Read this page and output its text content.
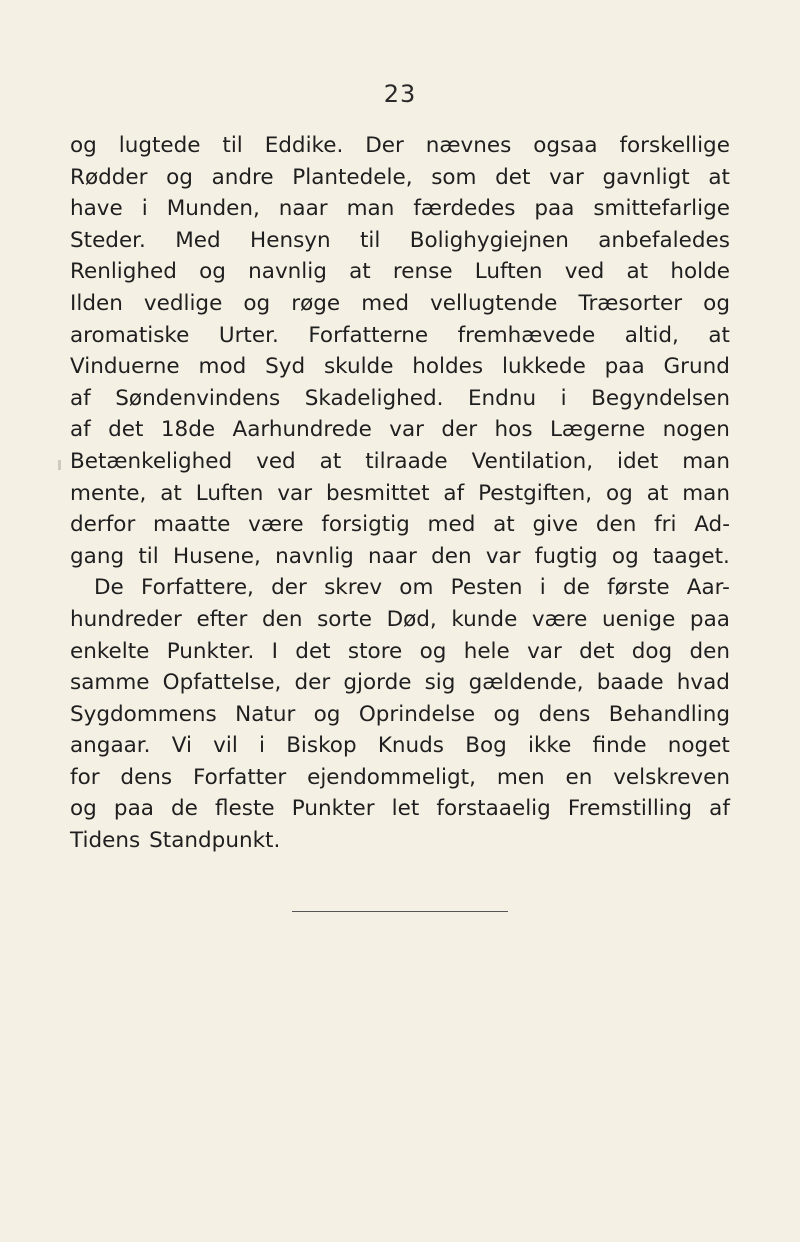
23
og lugtede til Eddike. Der nævnes ogsaa forskellige
Rødder og andre Plantedele, som det var gavnligt at
have i Munden, naar man færdedes paa smittefarlige
Steder. Med Hensyn til Bolighygiejnen anbefaledes
Renlighed og navnlig at rense Luften ved at holde
Ilden vedlige og røge med vellugtende Træsorter og
aromatiske Urter. Forfatterne fremhævede altid, at
Vinduerne mod Syd skulde holdes lukkede paa Grund
af Søndenvindens Skadelighed. Endnu i Begyndelsen
af det 18de Aarhundrede var der hos Lægerne nogen
Betænkelighed ved at tilraade Ventilation, idet man
mente, at Luften var besmittet af Pestgiften, og at man
derfor maatte være forsigtig med at give den fri Ad-
gang til Husene, navnlig naar den var fugtig og taaget.
De Forfattere, der skrev om Pesten i de første Aar-
hundreder efter den sorte Død, kunde være uenige paa
enkelte Punkter. I det store og hele var det dog den
samme Opfattelse, der gjorde sig gældende, baade hvad
Sygdommens Natur og Oprindelse og dens Behandling
angaar. Vi vil i Biskop Knuds Bog ikke finde noget
for dens Forfatter ejendommeligt, men en velskreven
og paa de fleste Punkter let forstaaelig Fremstilling af
Tidens Standpunkt.
